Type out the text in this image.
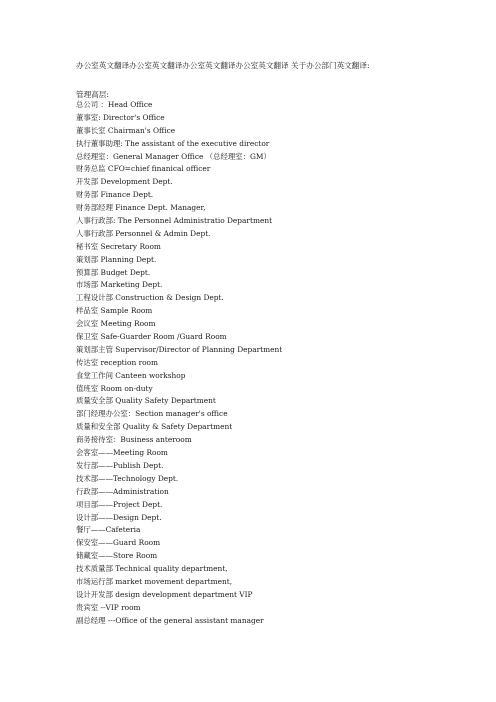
办公室英文翻译办公室英文翻译办公室英文翻译办公室英文翻译 关于办公部门英文翻译:
管理高层:
总公司 ：Head Office
董事室: Director's Office
董事长室 Chairman's Office
执行董事助理: The assistant of the executive director
总经理室：General Manager Office （总经理室：GM）
财务总监 CFO=chief finanical officer
开发部 Development Dept.
财务部 Finance Dept.
财务部经理 Finance Dept. Manager,
人事行政部: The Personnel Administratio Department
人事行政部 Personnel & Admin Dept.
秘书室 Secretary Room
策划部 Planning Dept.
预算部 Budget Dept.
市场部 Marketing Dept.
工程设计部 Construction & Design Dept.
样品室 Sample Room
会议室 Meeting Room
保卫室 Safe-Guarder Room /Guard Room
策划部主管 Supervisor/Director of Planning Department
传达室 reception room
食堂工作间 Canteen workshop
值班室 Room on-duty
质量安全部 Quality Safety Department
部门经理办公室：Section manager's office
质量和安全部 Quality & Safety Department
商务接待室：Business anteroom
会客室——Meeting Room
发行部——Publish Dept.
技术部——Technology Dept.
行政部——Administration
项目部——Project Dept.
设计部——Design Dept.
餐厅——Cafeteria
保安室——Guard Room
储藏室——Store Room
技术质量部 Technical quality department,
市场运行部 market movement department,
设计开发部 design development department VIP
贵宾室 --VIP room
副总经理 ---Office of the general assistant manager
